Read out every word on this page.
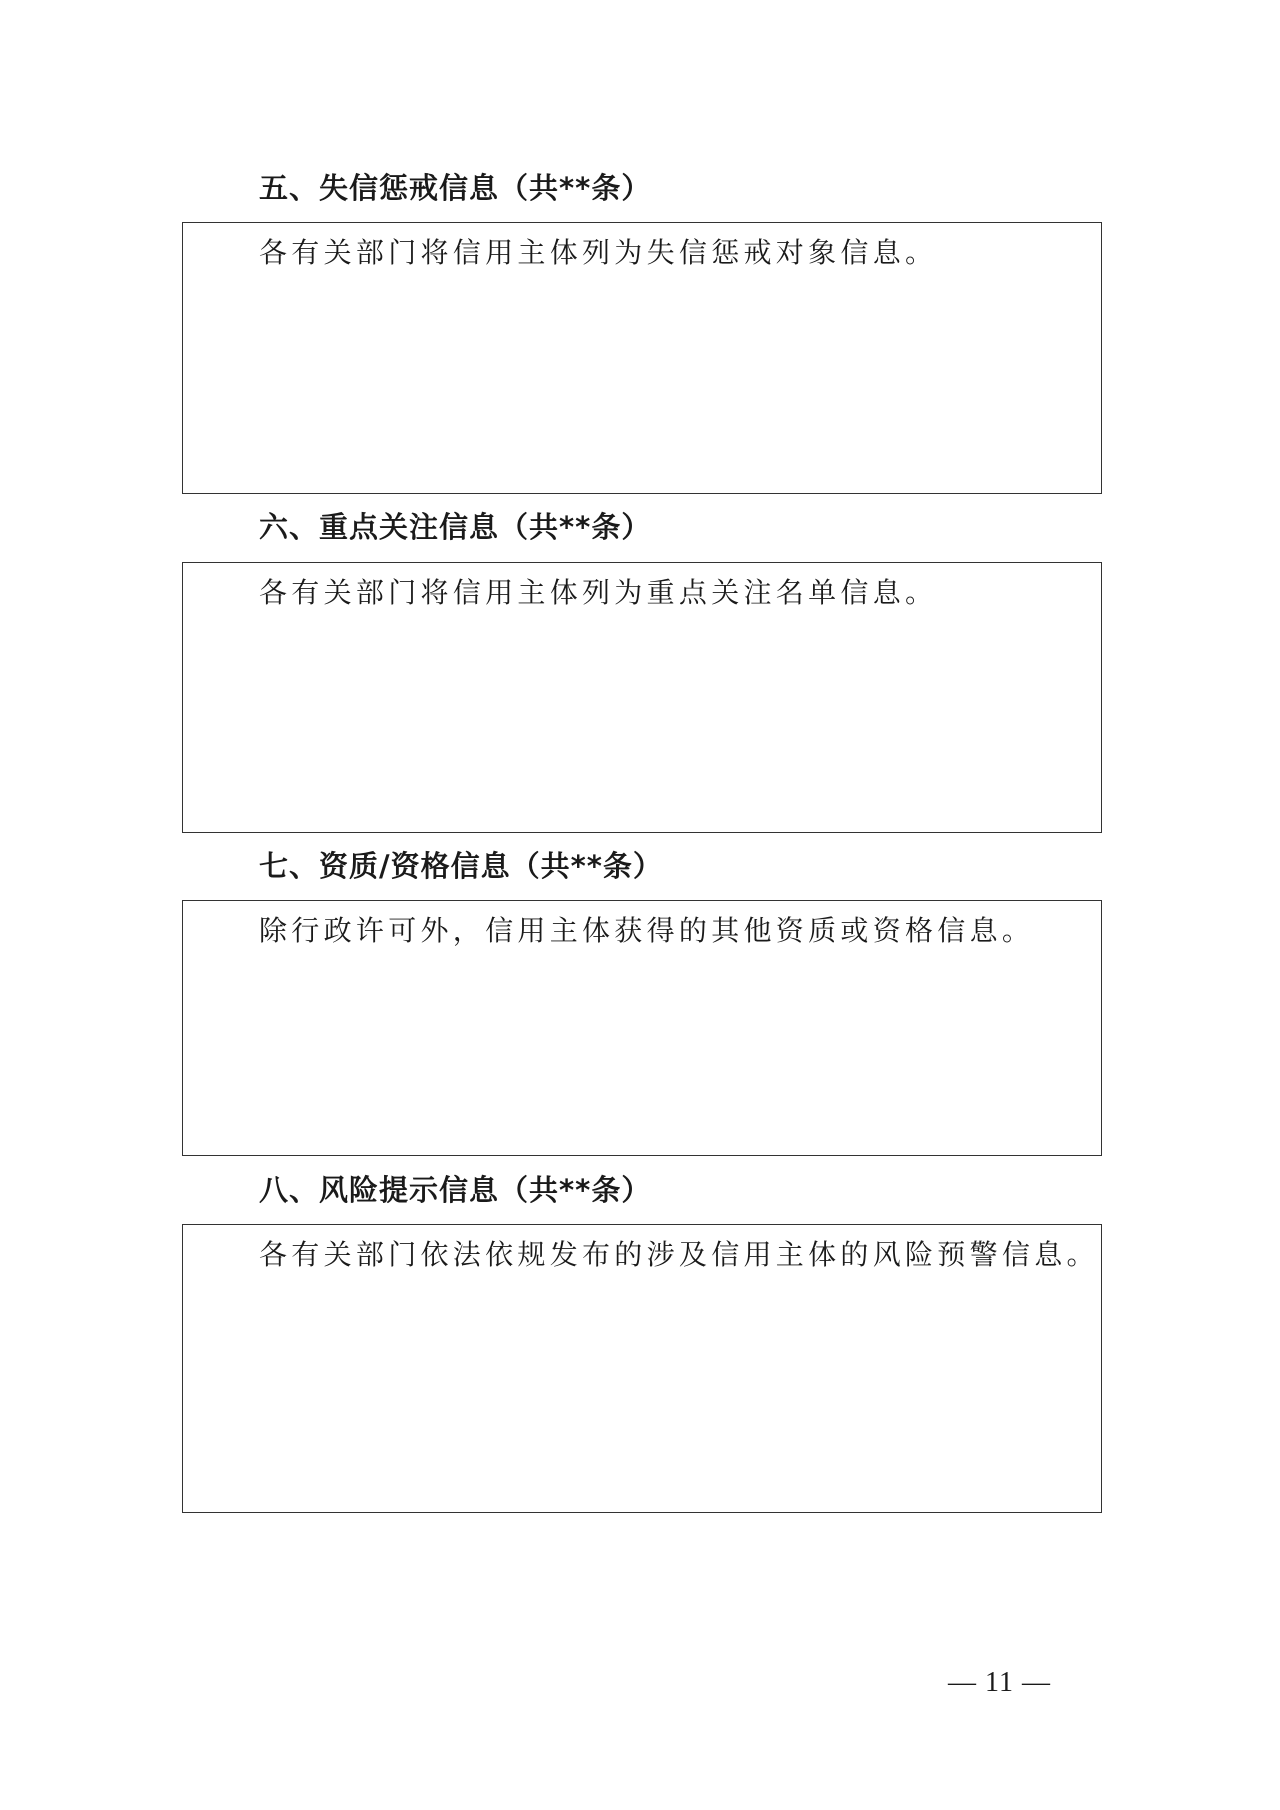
五、失信惩戒信息（共**条）
各有关部门将信用主体列为失信惩戒对象信息。
六、重点关注信息（共**条）
各有关部门将信用主体列为重点关注名单信息。
七、资质/资格信息（共**条）
除行政许可外，信用主体获得的其他资质或资格信息。
八、风险提示信息（共**条）
各有关部门依法依规发布的涉及信用主体的风险预警信息。
— 11 —
